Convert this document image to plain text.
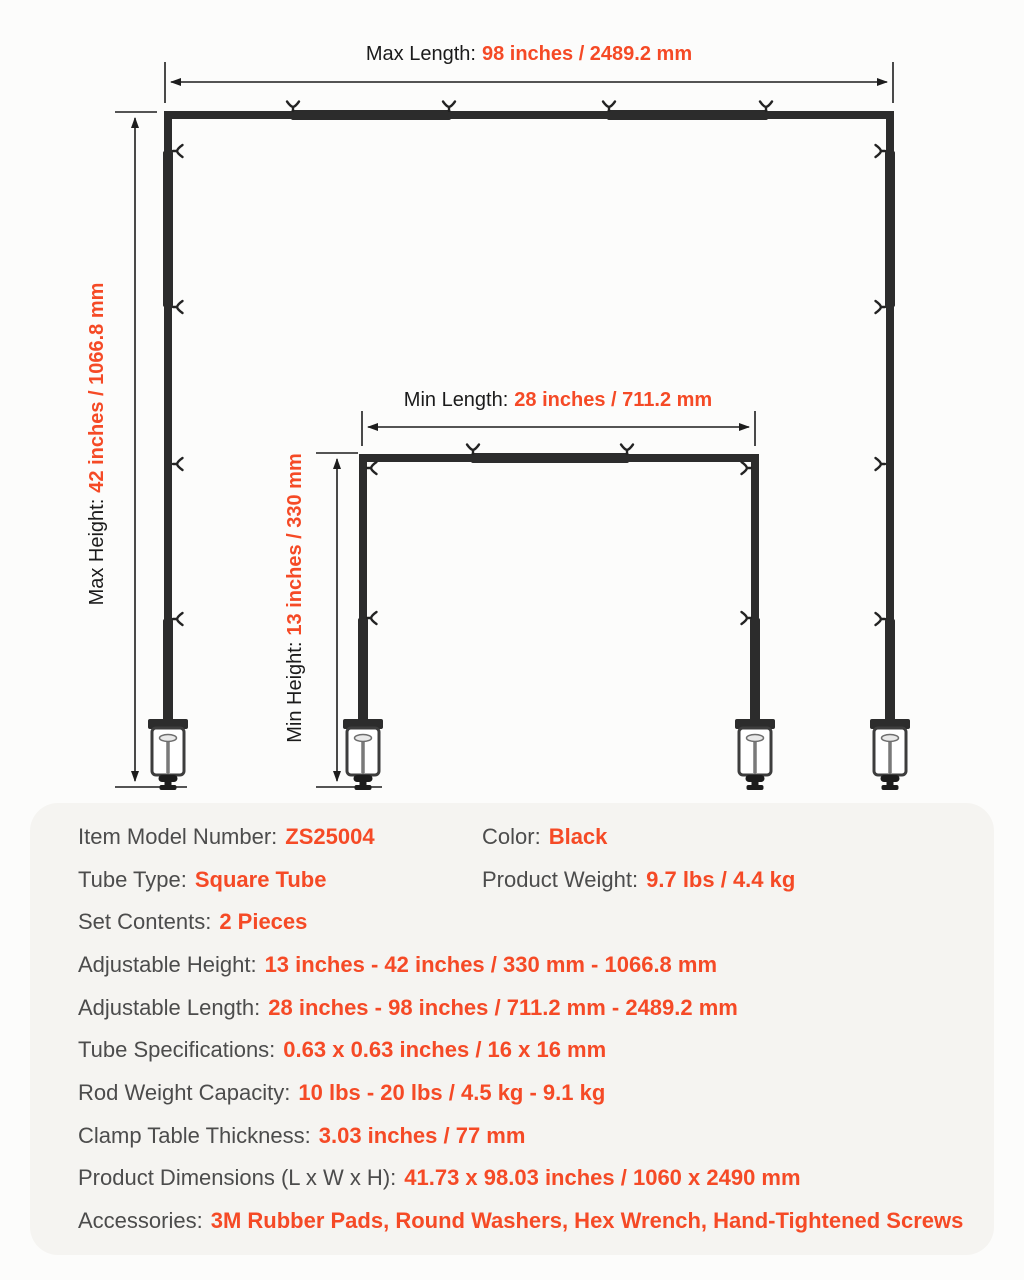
Max Length: 98 inches / 2489.2 mm
Max Height:42 inches / 1066.8 mm	Min Length: 28 inches / 711.2 mm
Min Height:13 inches / 330 mm
Item Model Number: ZS25004	Color: Black
Tube Type: Square Tube	Product Weight: 9.7 lbs / 4.4 kg
Set Contents: 2 Pieces
Adjustable Height: 13 inches - 42 inches / 330 mm - 1066.8 mm
Adjustable Length: 28 inches - 98 inches / 711.2 mm - 2489.2 mm
Tube Specifications: 0.63 x 0.63 inches / 16 x 16 mm
Rod Weight Capacity: 10 lbs - 20 lbs / 4.5 kg - 9.1 kg
Clamp Table Thickness: 3.03 inches / 77 mm
Product Dimensions (L x W x H): 41.73 x 98.03 inches / 1060 x 2490 mm
Accessories: 3M Rubber Pads, Round Washers, Hex Wrench, Hand-Tightened Screws
